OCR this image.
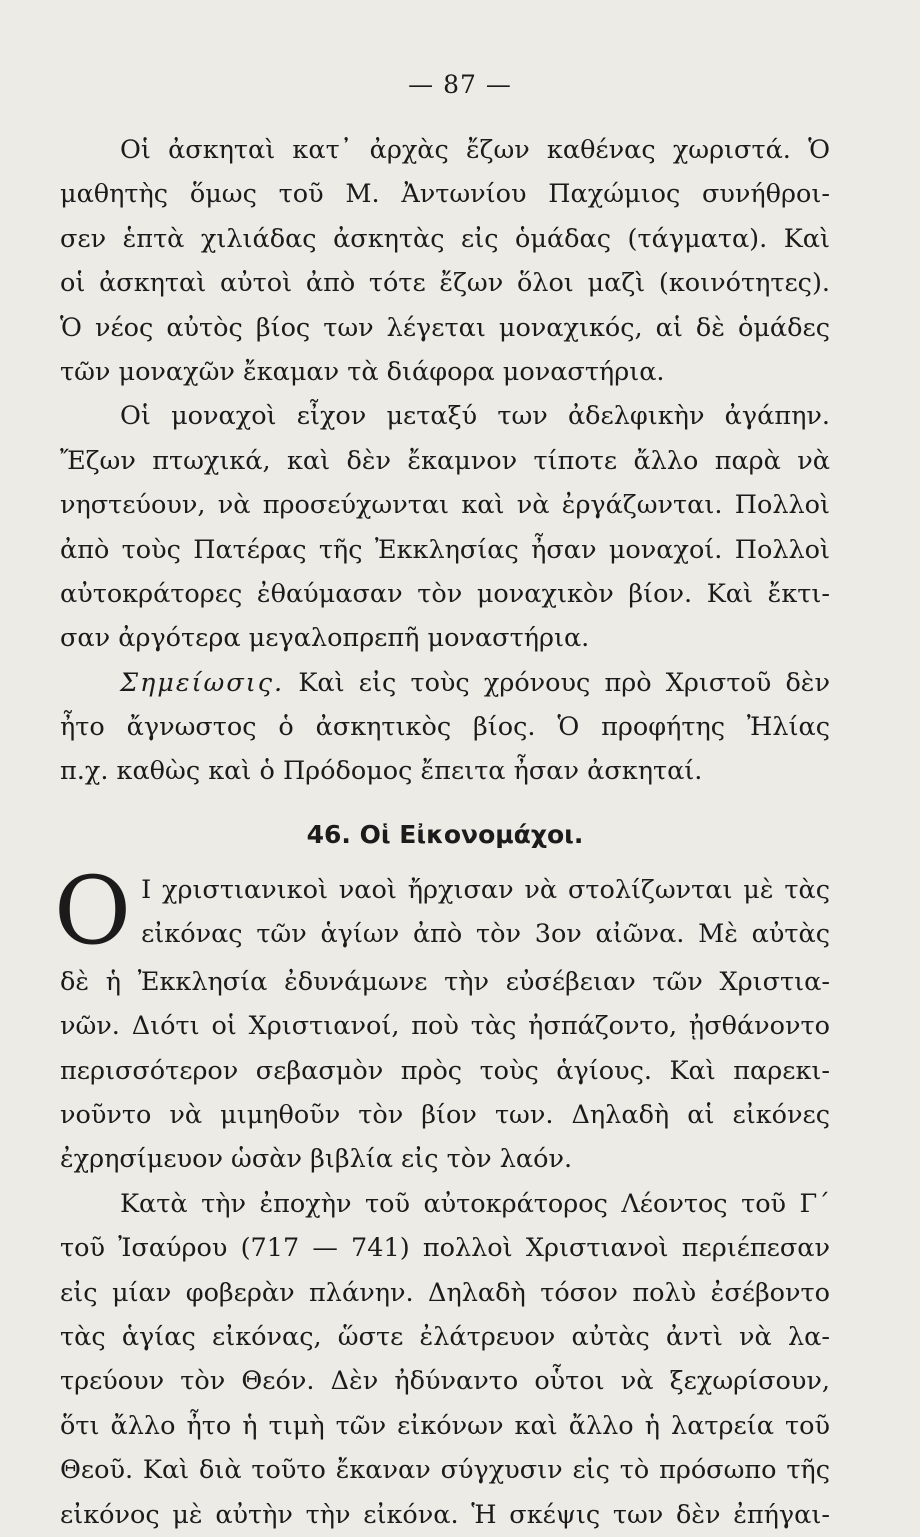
— 87 —
Οἱ ἀσκηταὶ κατ᾿ ἀρχὰς ἔζων καθένας χωριστά. Ὁ
μαθητὴς ὅμως τοῦ Μ. Ἀντωνίου Παχώμιος συνήθροι-
σεν ἑπτὰ χιλιάδας ἀσκητὰς εἰς ὁμάδας (τάγματα). Καὶ
οἱ ἀσκηταὶ αὐτοὶ ἀπὸ τότε ἔζων ὅλοι μαζὶ (κοινότητες).
Ὁ νέος αὐτὸς βίος των λέγεται μοναχικός, αἱ δὲ ὁμάδες
τῶν μοναχῶν ἔκαμαν τὰ διάφορα μοναστήρια.
Οἱ μοναχοὶ εἶχον μεταξύ των ἀδελφικὴν ἀγάπην.
Ἔζων πτωχικά, καὶ δὲν ἔκαμνον τίποτε ἄλλο παρὰ νὰ
νηστεύουν, νὰ προσεύχωνται καὶ νὰ ἐργάζωνται. Πολλοὶ
ἀπὸ τοὺς Πατέρας τῆς Ἐκκλησίας ἦσαν μοναχοί. Πολλοὶ
αὐτοκράτορες ἐθαύμασαν τὸν μοναχικὸν βίον. Καὶ ἔκτι-
σαν ἀργότερα μεγαλοπρεπῆ μοναστήρια.
Σημείωσις. Καὶ εἰς τοὺς χρόνους πρὸ Χριστοῦ δὲν
ἦτο ἄγνωστος ὁ ἀσκητικὸς βίος. Ὁ προφήτης Ἠλίας
π.χ. καθὼς καὶ ὁ Πρόδομος ἔπειτα ἦσαν ἀσκηταί.
46. Οἱ Εἰκονομάχοι.
O Ι χριστιανικοὶ ναοὶ ἤρχισαν νὰ στολίζωνται μὲ τὰς
εἰκόνας τῶν ἁγίων ἀπὸ τὸν 3ον αἰῶνα. Μὲ αὐτὰς
δὲ ἡ Ἐκκλησία ἐδυνάμωνε τὴν εὐσέβειαν τῶν Χριστια-
νῶν. Διότι οἱ Χριστιανοί, ποὺ τὰς ἠσπάζοντο, ᾐσθάνοντο
περισσότερον σεβασμὸν πρὸς τοὺς ἁγίους. Καὶ παρεκι-
νοῦντο νὰ μιμηθοῦν τὸν βίον των. Δηλαδὴ αἱ εἰκόνες
ἐχρησίμευον ὡσὰν βιβλία εἰς τὸν λαόν.
Κατὰ τὴν ἐποχὴν τοῦ αὐτοκράτορος Λέοντος τοῦ Γ´
τοῦ Ἰσαύρου (717 — 741) πολλοὶ Χριστιανοὶ περιέπεσαν
εἰς μίαν φοβερὰν πλάνην. Δηλαδὴ τόσον πολὺ ἐσέβοντο
τὰς ἁγίας εἰκόνας, ὥστε ἐλάτρευον αὐτὰς ἀντὶ νὰ λα-
τρεύουν τὸν Θεόν. Δὲν ἠδύναντο οὗτοι νὰ ξεχωρίσουν,
ὅτι ἄλλο ἦτο ἡ τιμὴ τῶν εἰκόνων καὶ ἄλλο ἡ λατρεία τοῦ
Θεοῦ. Καὶ διὰ τοῦτο ἔκαναν σύγχυσιν εἰς τὸ πρόσωπο τῆς
εἰκόνος μὲ αὐτὴν τὴν εἰκόνα. Ἡ σκέψις των δὲν ἐπήγαι-
